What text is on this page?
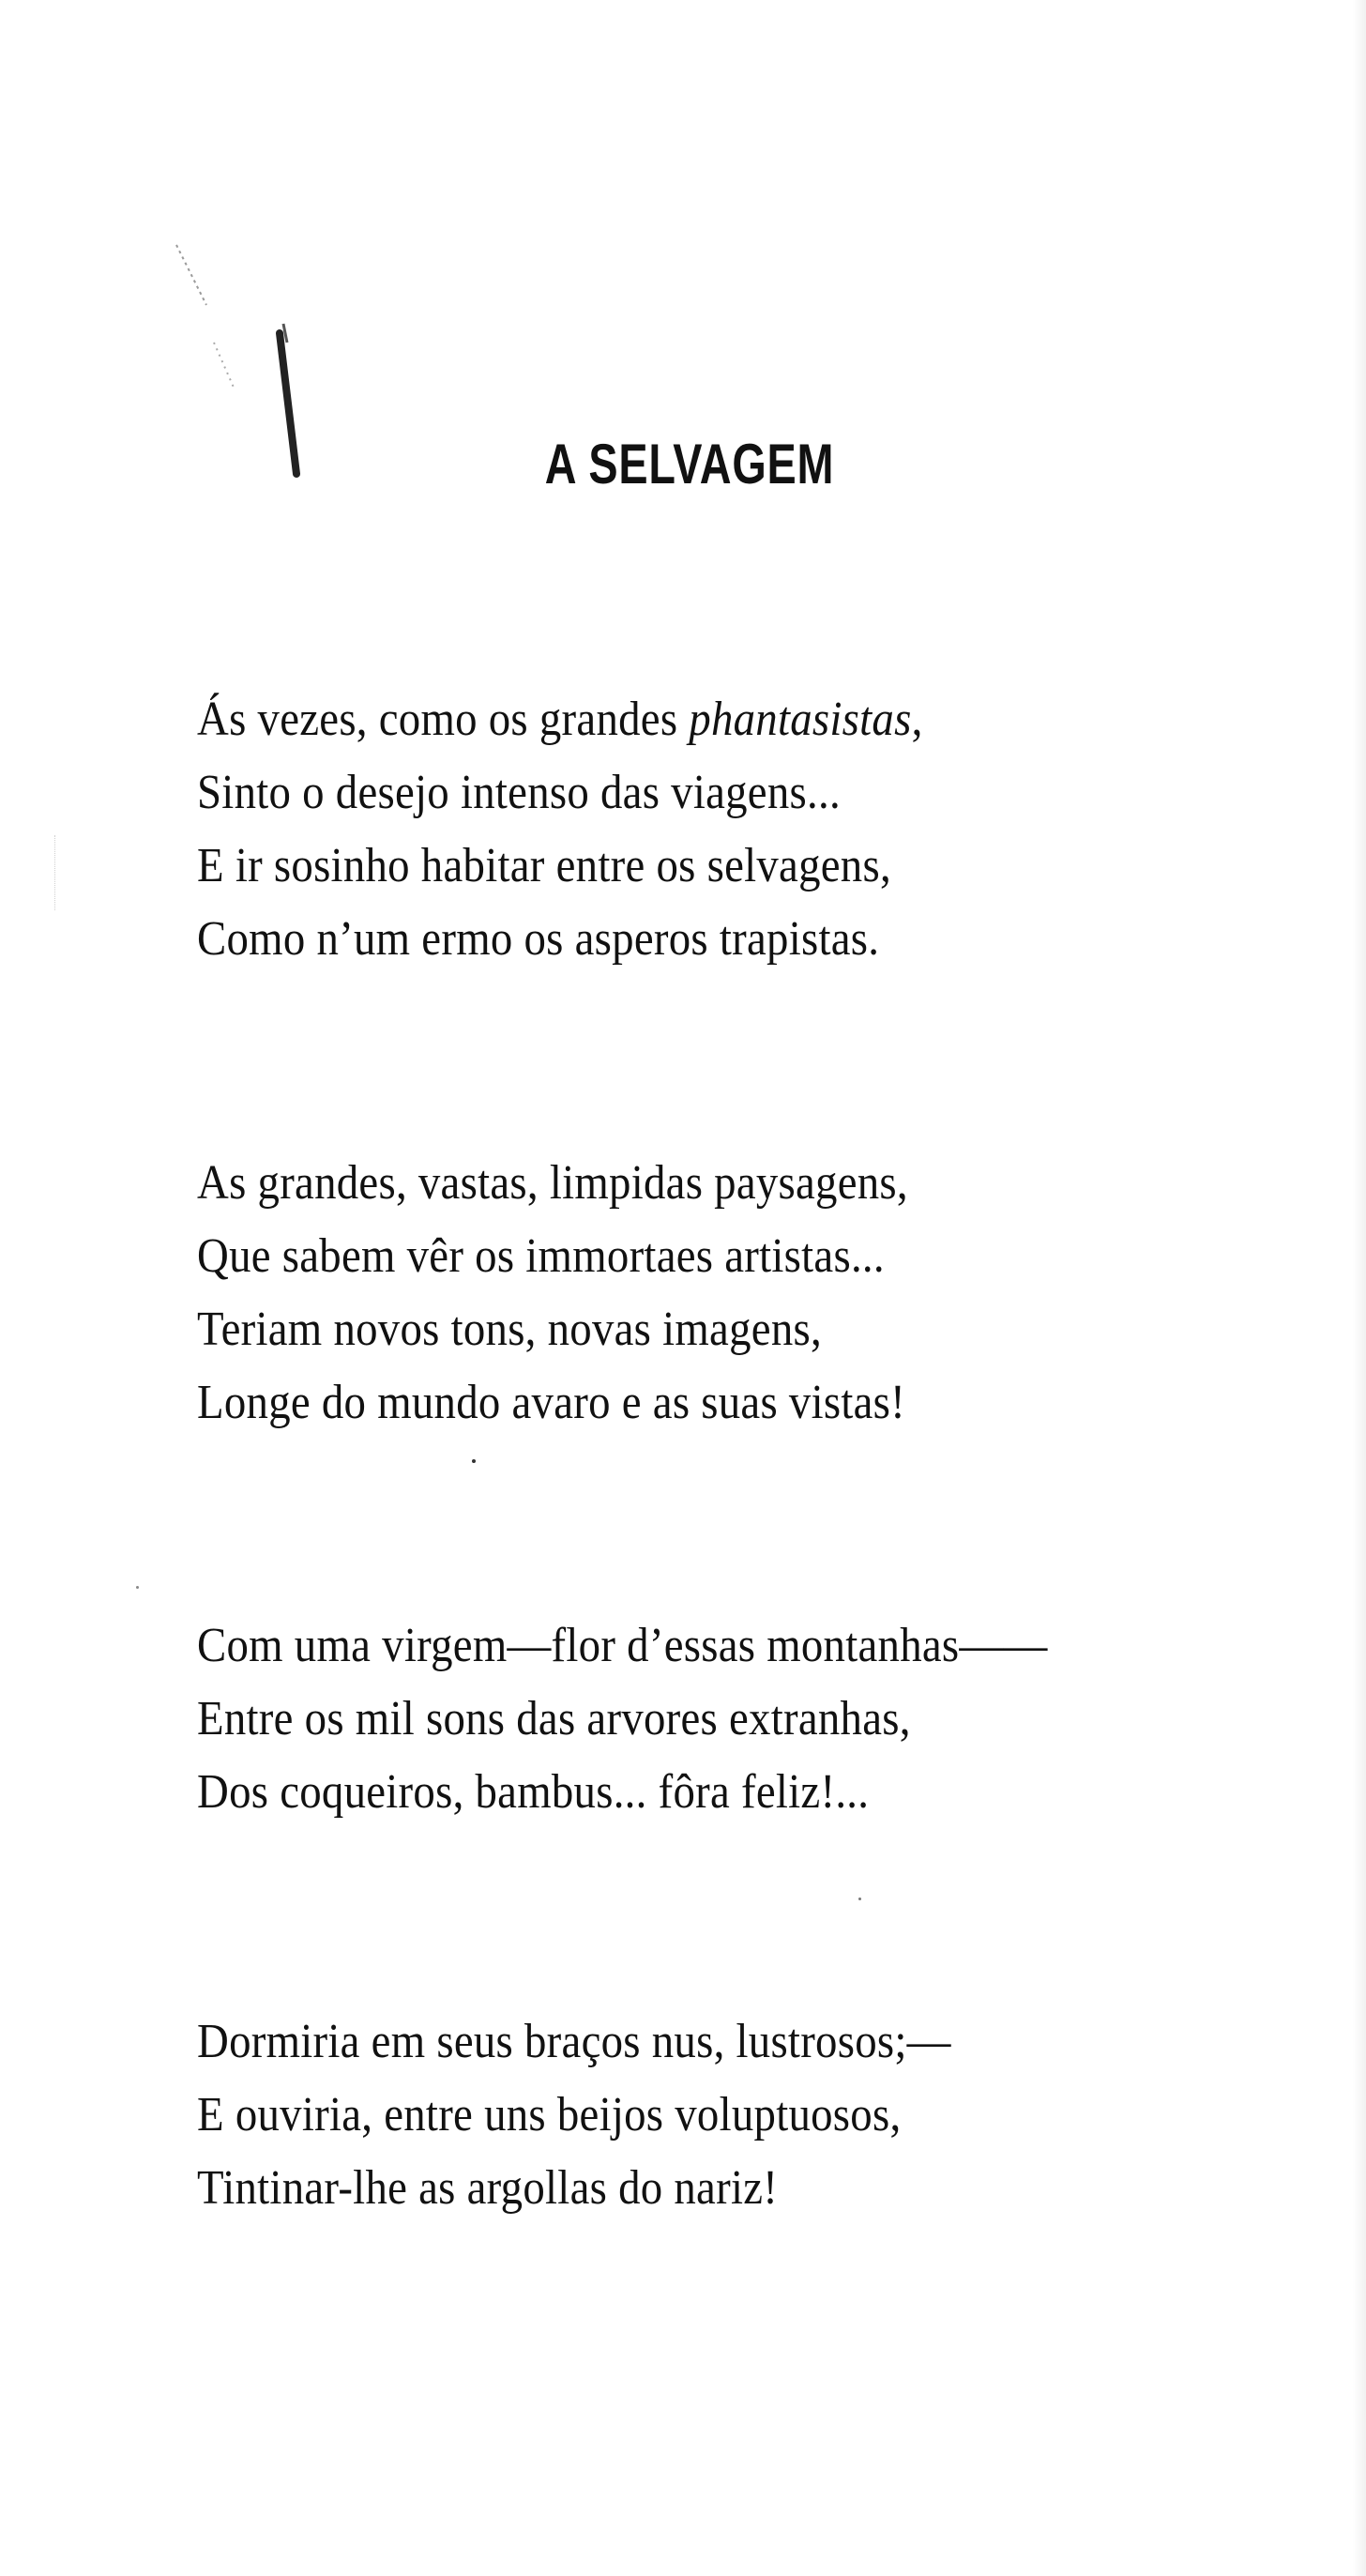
A SELVAGEM
Ás vezes, como os grandes phantasistas,
Sinto o desejo intenso das viagens...
E ir sosinho habitar entre os selvagens,
Como n’um ermo os asperos trapistas.
As grandes, vastas, limpidas paysagens,
Que sabem vêr os immortaes artistas...
Teriam novos tons, novas imagens,
Longe do mundo avaro e as suas vistas!
Com uma virgem—flor d’essas montanhas——
Entre os mil sons das arvores extranhas,
Dos coqueiros, bambus... fôra feliz!...
Dormiria em seus braços nus, lustrosos;—
E ouviria, entre uns beijos voluptuosos,
Tintinar-lhe as argollas do nariz!
